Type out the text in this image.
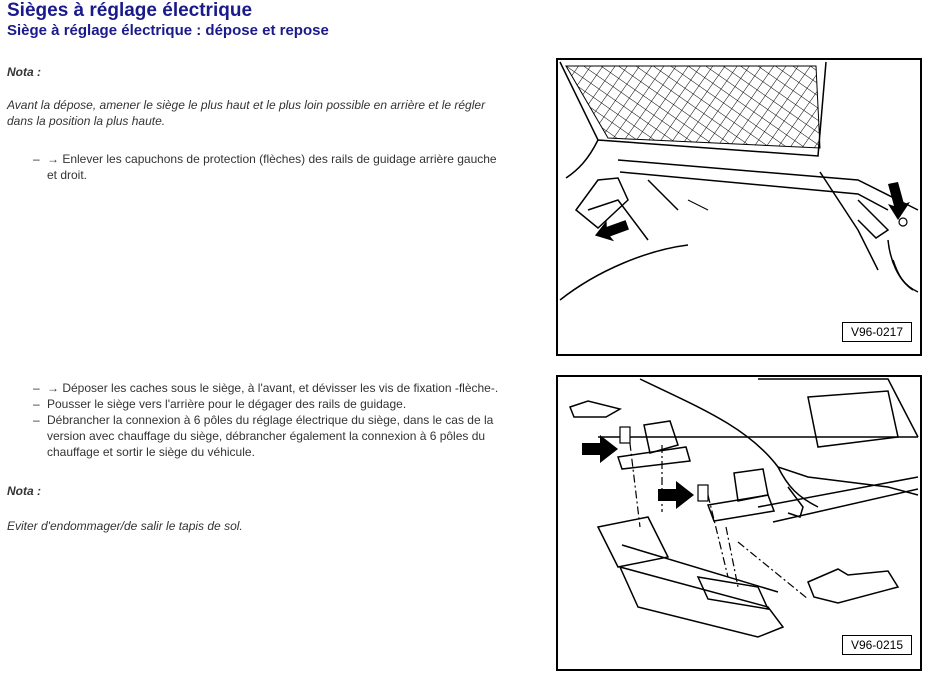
Sièges à réglage électrique
Siège à réglage électrique : dépose et repose
Nota :
Avant la dépose, amener le siège le plus haut et le plus loin possible en arrière et le régler
dans la position la plus haute.
– → Enlever les capuchons de protection (flèches) des rails de guidage arrière gauche
et droit.
V96-0217
– → Déposer les caches sous le siège, à l'avant, et dévisser les vis de fixation -flèche-.
– Pousser le siège vers l'arrière pour le dégager des rails de guidage.
– Débrancher la connexion à 6 pôles du réglage électrique du siège, dans le cas de la
version avec chauffage du siège, débrancher également la connexion à 6 pôles du
chauffage et sortir le siège du véhicule.
Nota :
Eviter d'endommager/de salir le tapis de sol.
V96-0215
